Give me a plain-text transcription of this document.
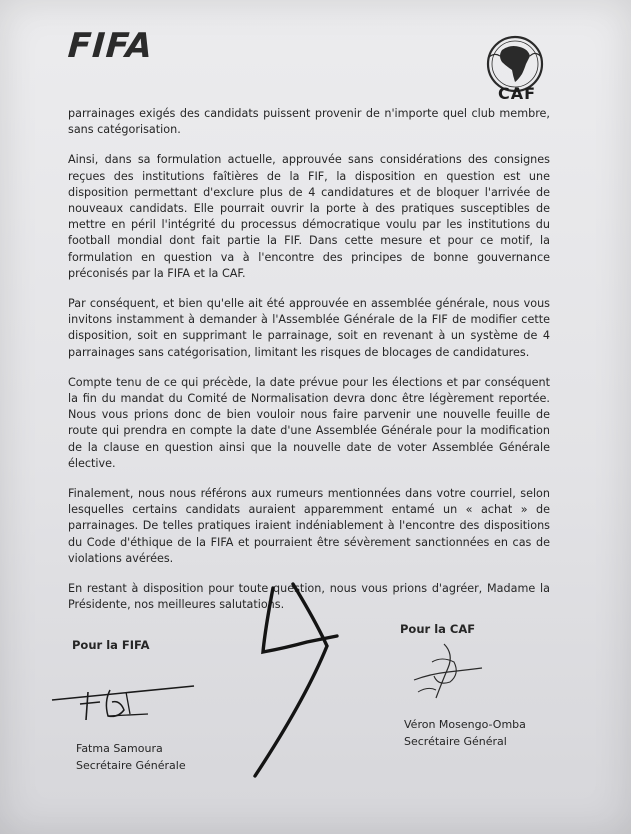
FIFA
CAF

parrainages exigés des candidats puissent provenir de n'importe quel club membre, sans catégorisation.

Ainsi, dans sa formulation actuelle, approuvée sans considérations des consignes reçues des institutions faîtières de la FIF, la disposition en question est une disposition permettant d'exclure plus de 4 candidatures et de bloquer l'arrivée de nouveaux candidats. Elle pourrait ouvrir la porte à des pratiques susceptibles de mettre en péril l'intégrité du processus démocratique voulu par les institutions du football mondial dont fait partie la FIF. Dans cette mesure et pour ce motif, la formulation en question va à l'encontre des principes de bonne gouvernance préconisés par la FIFA et la CAF.

Par conséquent, et bien qu'elle ait été approuvée en assemblée générale, nous vous invitons instamment à demander à l'Assemblée Générale de la FIF de modifier cette disposition, soit en supprimant le parrainage, soit en revenant à un système de 4 parrainages sans catégorisation, limitant les risques de blocages de candidatures.

Compte tenu de ce qui précède, la date prévue pour les élections et par conséquent la fin du mandat du Comité de Normalisation devra donc être légèrement reportée. Nous vous prions donc de bien vouloir nous faire parvenir une nouvelle feuille de route qui prendra en compte la date d'une Assemblée Générale pour la modification de la clause en question ainsi que la nouvelle date de voter Assemblée Générale élective.

Finalement, nous nous référons aux rumeurs mentionnées dans votre courriel, selon lesquelles certains candidats auraient apparemment entamé un « achat » de parrainages. De telles pratiques iraient indéniablement à l'encontre des dispositions du Code d'éthique de la FIFA et pourraient être sévèrement sanctionnées en cas de violations avérées.

En restant à disposition pour toute question, nous vous prions d'agréer, Madame la Présidente, nos meilleures salutations.

Pour la FIFA
Pour la CAF
Fatma Samoura
Secrétaire Générale
Véron Mosengo-Omba
Secrétaire Général
